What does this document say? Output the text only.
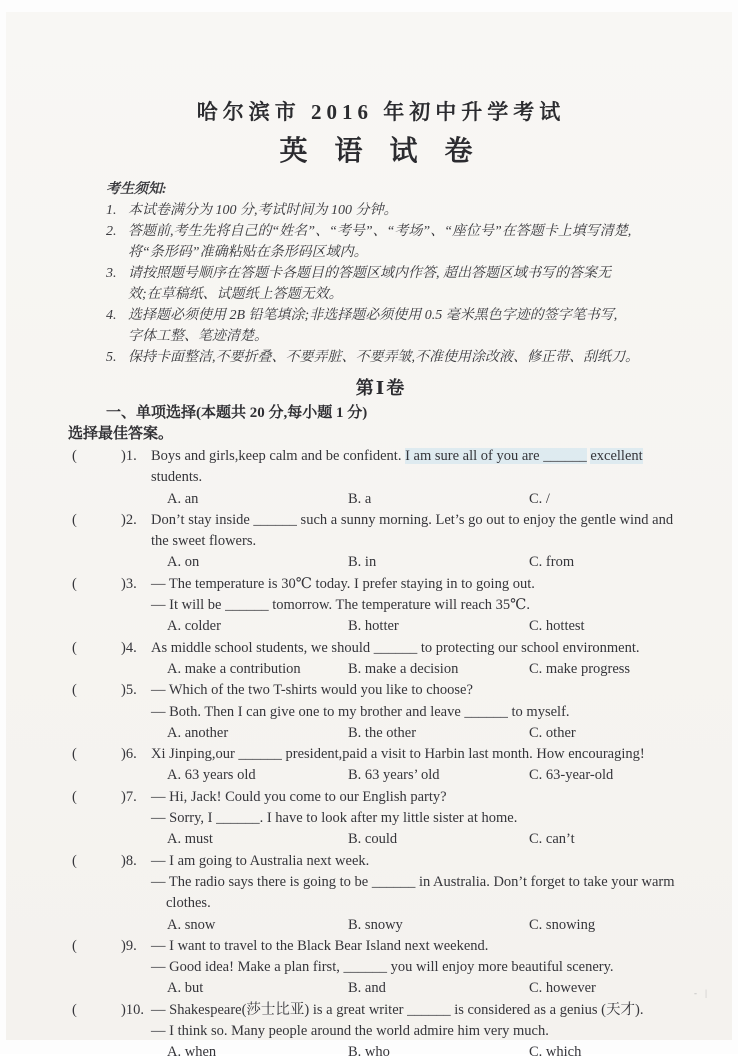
哈尔滨市 2016 年初中升学考试
英 语 试 卷
考生须知:
1. 本试卷满分为 100 分,考试时间为 100 分钟。
2. 答题前,考生先将自己的“姓名”、“考号”、“考场”、“座位号”在答题卡上填写清楚,
将“条形码”准确粘贴在条形码区域内。
3. 请按照题号顺序在答题卡各题目的答题区域内作答, 超出答题区域书写的答案无
效;在草稿纸、试题纸上答题无效。
4. 选择题必须使用 2B 铅笔填涂;非选择题必须使用 0.5 毫米黑色字迹的签字笔书写,
字体工整、笔迹清楚。
5. 保持卡面整洁,不要折叠、不要弄脏、不要弄皱,不准使用涂改液、修正带、刮纸刀。
第Ⅰ卷
一、单项选择(本题共 20 分,每小题 1 分)
选择最佳答案。
(	)1. Boys and girls,keep calm and be confident. I am sure all of you are ______ excellent
students.
A. an	B. a	C. /
(	)2. Don’t stay inside ______ such a sunny morning. Let’s go out to enjoy the gentle wind and
the sweet flowers.
A. on	B. in	C. from
(	)3. — The temperature is 30℃ today. I prefer staying in to going out.
— It will be ______ tomorrow. The temperature will reach 35℃.
A. colder	B. hotter	C. hottest
(	)4. As middle school students, we should ______ to protecting our school environment.
A. make a contribution	B. make a decision	C. make progress
(	)5. — Which of the two T-shirts would you like to choose?
— Both. Then I can give one to my brother and leave ______ to myself.
A. another	B. the other	C. other
(	)6. Xi Jinping,our ______ president,paid a visit to Harbin last month. How encouraging!
A. 63 years old	B. 63 years’ old	C. 63-year-old
(	)7. — Hi, Jack! Could you come to our English party?
— Sorry, I ______. I have to look after my little sister at home.
A. must	B. could	C. can’t
(	)8. — I am going to Australia next week.
— The radio says there is going to be ______ in Australia. Don’t forget to take your warm
clothes.
A. snow	B. snowy	C. snowing
(	)9. — I want to travel to the Black Bear Island next weekend.
— Good idea! Make a plan first, ______ you will enjoy more beautiful scenery.
A. but	B. and	C. however
(	)10. — Shakespeare(莎士比亚) is a great writer ______ is considered as a genius (天才).
— I think so. Many people around the world admire him very much.
A. when	B. who	C. which
- |
